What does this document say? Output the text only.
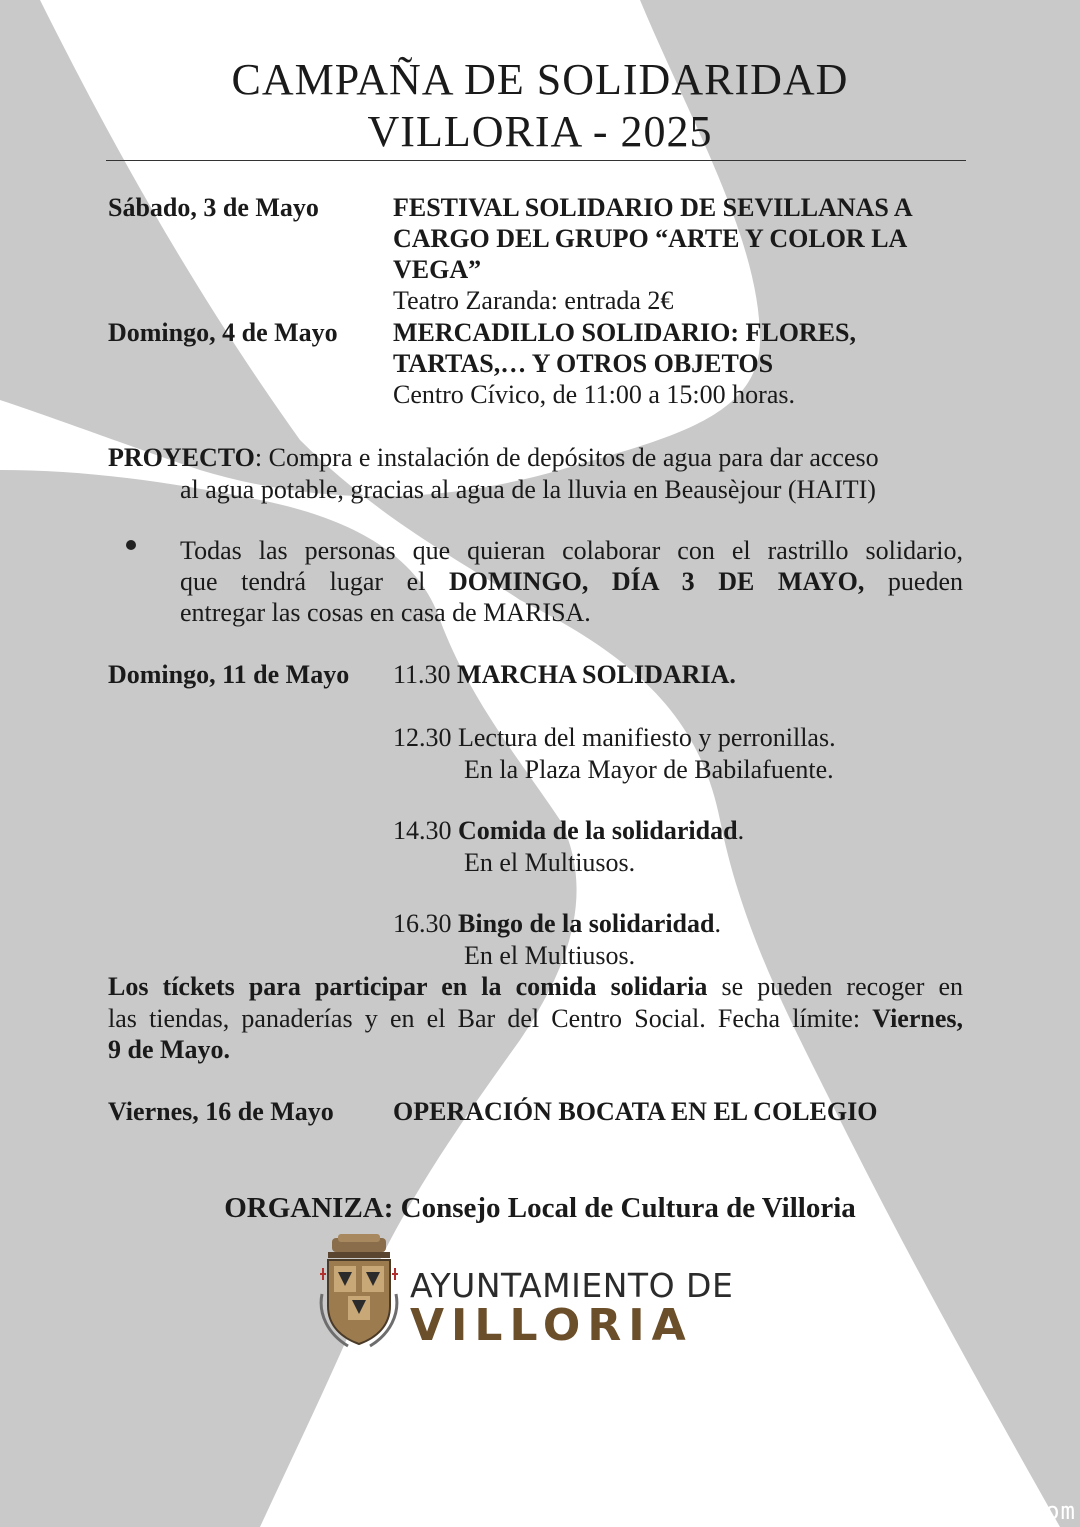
CAMPAÑA DE SOLIDARIDAD
VILLORIA - 2025
Sábado, 3 de Mayo	FESTIVAL SOLIDARIO DE SEVILLANAS A
CARGO DEL GRUPO “ARTE Y COLOR LA
VEGA”
Teatro Zaranda: entrada 2€
Domingo, 4 de Mayo MERCADILLO SOLIDARIO: FLORES,
TARTAS,… Y OTROS OBJETOS
Centro Cívico, de 11:00 a 15:00 horas.
PROYECTO: Compra e instalación de depósitos de agua para dar acceso
al agua potable, gracias al agua de la lluvia en Beausèjour (HAITI)
Todas las personas que quieran colaborar con el rastrillo solidario,
que tendrá lugar el DOMINGO, DÍA 3 DE MAYO, pueden
entregar las cosas en casa de MARISA.
Domingo, 11 de Mayo 11.30 MARCHA SOLIDARIA.
12.30 Lectura del manifiesto y perronillas.
En la Plaza Mayor de Babilafuente.
14.30 Comida de la solidaridad.
En el Multiusos.
16.30 Bingo de la solidaridad.
En el Multiusos.
Los tíckets para participar en la comida solidaria se pueden recoger en
las tiendas, panaderías y en el Bar del Centro Social. Fecha límite: Viernes,
9 de Mayo.
Viernes, 16 de Mayo OPERACIÓN BOCATA EN EL COLEGIO
ORGANIZA: Consejo Local de Cultura de Villoria
AYUNTAMIENTO DE
VILLORIA
besanavilloria.com
